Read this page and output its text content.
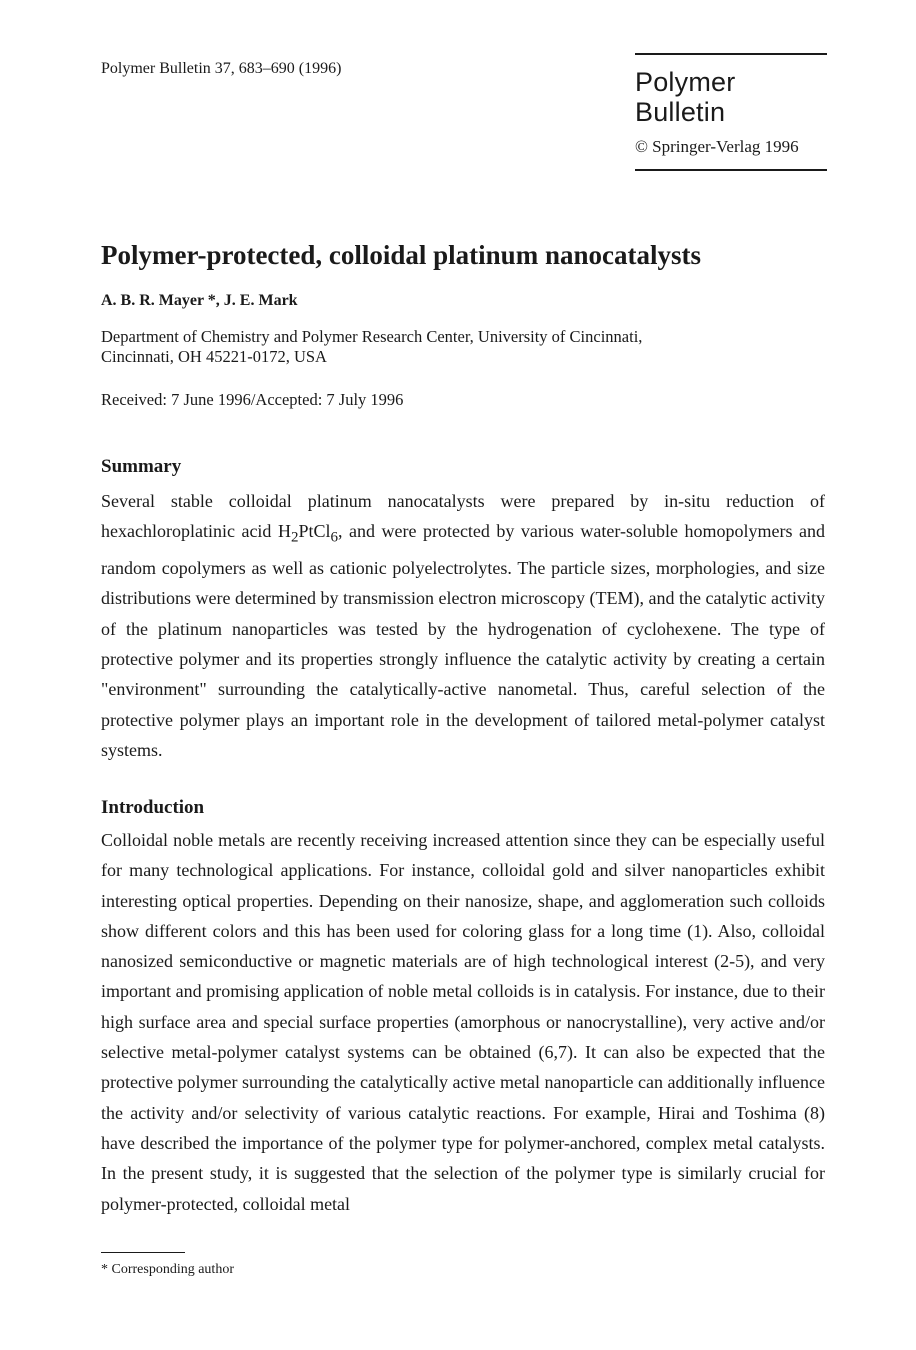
Polymer Bulletin 37, 683–690 (1996)	Polymer Bulletin
© Springer-Verlag 1996
Polymer-protected, colloidal platinum nanocatalysts
A. B. R. Mayer *, J. E. Mark
Department of Chemistry and Polymer Research Center, University of Cincinnati,
Cincinnati, OH 45221-0172, USA
Received: 7 June 1996/Accepted: 7 July 1996
Summary

Several stable colloidal platinum nanocatalysts were prepared by in-situ reduction of hexachloroplatinic acid $H_2PtCl_6$, and were protected by various water-soluble homopolymers and random copolymers as well as cationic polyelectrolytes. The particle sizes, morphologies, and size distributions were determined by transmission electron microscopy (TEM), and the catalytic activity of the platinum nanoparticles was tested by the hydrogenation of cyclohexene. The type of protective polymer and its properties strongly influence the catalytic activity by creating a certain "environment" surrounding the catalytically-active nanometal. Thus, careful selection of the protective polymer plays an important role in the development of tailored metal-polymer catalyst systems.

Introduction

Colloidal noble metals are recently receiving increased attention since they can be especially useful for many technological applications. For instance, colloidal gold and silver nanoparticles exhibit interesting optical properties. Depending on their nanosize, shape, and agglomeration such colloids show different colors and this has been used for coloring glass for a long time (1). Also, colloidal nanosized semiconductive or magnetic materials are of high technological interest (2-5), and very important and promising application of noble metal colloids is in catalysis. For instance, due to their high surface area and special surface properties (amorphous or nanocrystalline), very active and/or selective metal-polymer catalyst systems can be obtained (6,7). It can also be expected that the protective polymer surrounding the catalytically active metal nanoparticle can additionally influence the activity and/or selectivity of various catalytic reactions. For example, Hirai and Toshima (8) have described the importance of the polymer type for polymer-anchored, complex metal catalysts. In the present study, it is suggested that the selection of the polymer type is similarly crucial for polymer-protected, colloidal metal

* Corresponding author
